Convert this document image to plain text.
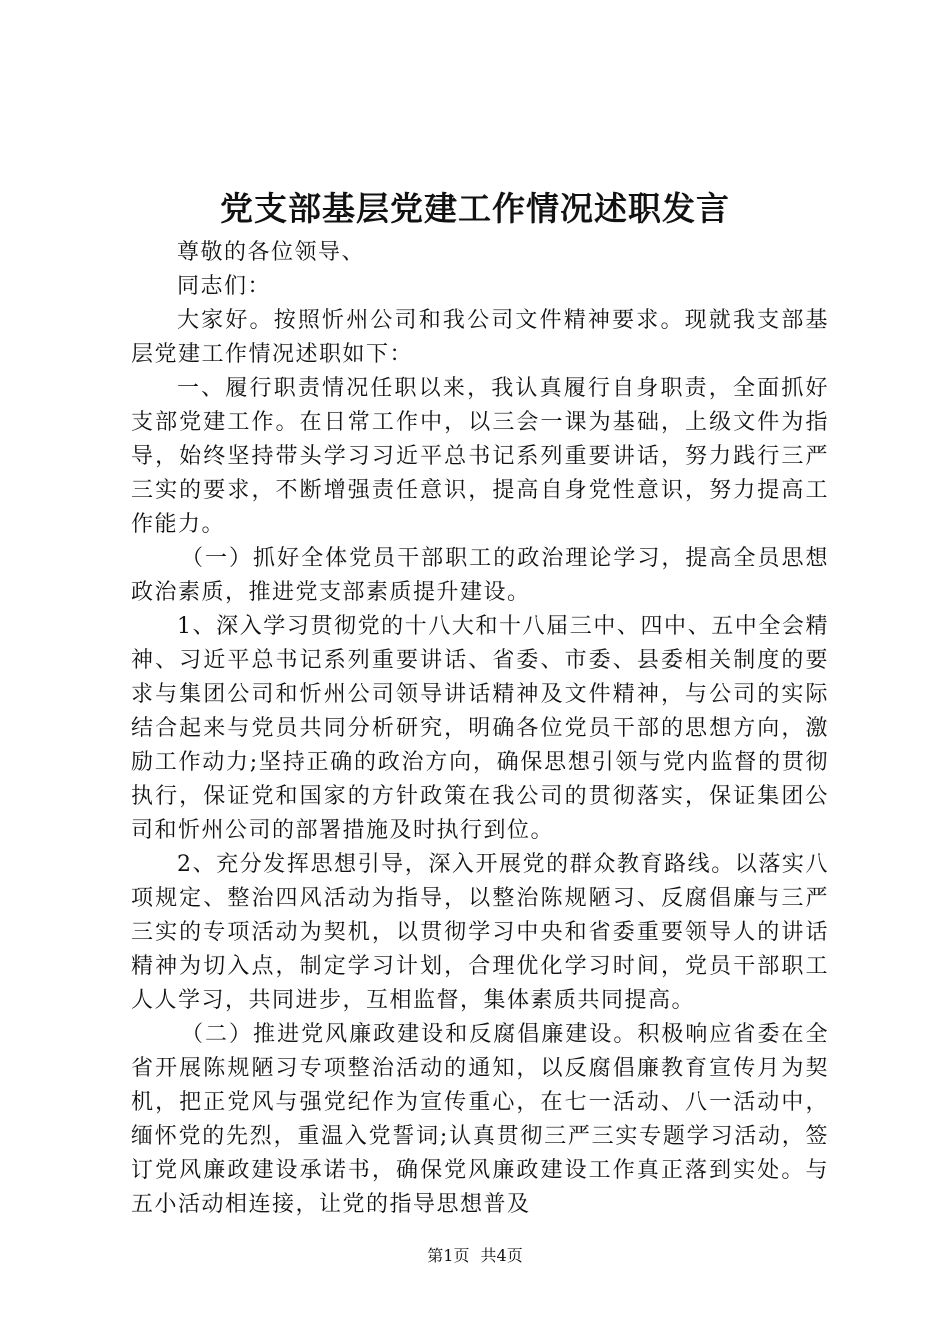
党支部基层党建工作情况述职发言

尊敬的各位领导、

同志们：

大家好。按照忻州公司和我公司文件精神要求。现就我支部基层党建工作情况述职如下：

一、履行职责情况任职以来，我认真履行自身职责，全面抓好支部党建工作。在日常工作中，以三会一课为基础，上级文件为指导，始终坚持带头学习习近平总书记系列重要讲话，努力践行三严三实的要求，不断增强责任意识，提高自身党性意识，努力提高工作能力。

（一）抓好全体党员干部职工的政治理论学习，提高全员思想政治素质，推进党支部素质提升建设。

1、深入学习贯彻党的十八大和十八届三中、四中、五中全会精神、习近平总书记系列重要讲话、省委、市委、县委相关制度的要求与集团公司和忻州公司领导讲话精神及文件精神，与公司的实际结合起来与党员共同分析研究，明确各位党员干部的思想方向，激励工作动力;坚持正确的政治方向，确保思想引领与党内监督的贯彻执行，保证党和国家的方针政策在我公司的贯彻落实，保证集团公司和忻州公司的部署措施及时执行到位。

2、充分发挥思想引导，深入开展党的群众教育路线。以落实八项规定、整治四风活动为指导，以整治陈规陋习、反腐倡廉与三严三实的专项活动为契机，以贯彻学习中央和省委重要领导人的讲话精神为切入点，制定学习计划，合理优化学习时间，党员干部职工人人学习，共同进步，互相监督，集体素质共同提高。

（二）推进党风廉政建设和反腐倡廉建设。积极响应省委在全省开展陈规陋习专项整治活动的通知，以反腐倡廉教育宣传月为契机，把正党风与强党纪作为宣传重心，在七一活动、八一活动中，缅怀党的先烈，重温入党誓词;认真贯彻三严三实专题学习活动，签订党风廉政建设承诺书，确保党风廉政建设工作真正落到实处。与五小活动相连接，让党的指导思想普及

第1页 共4页
